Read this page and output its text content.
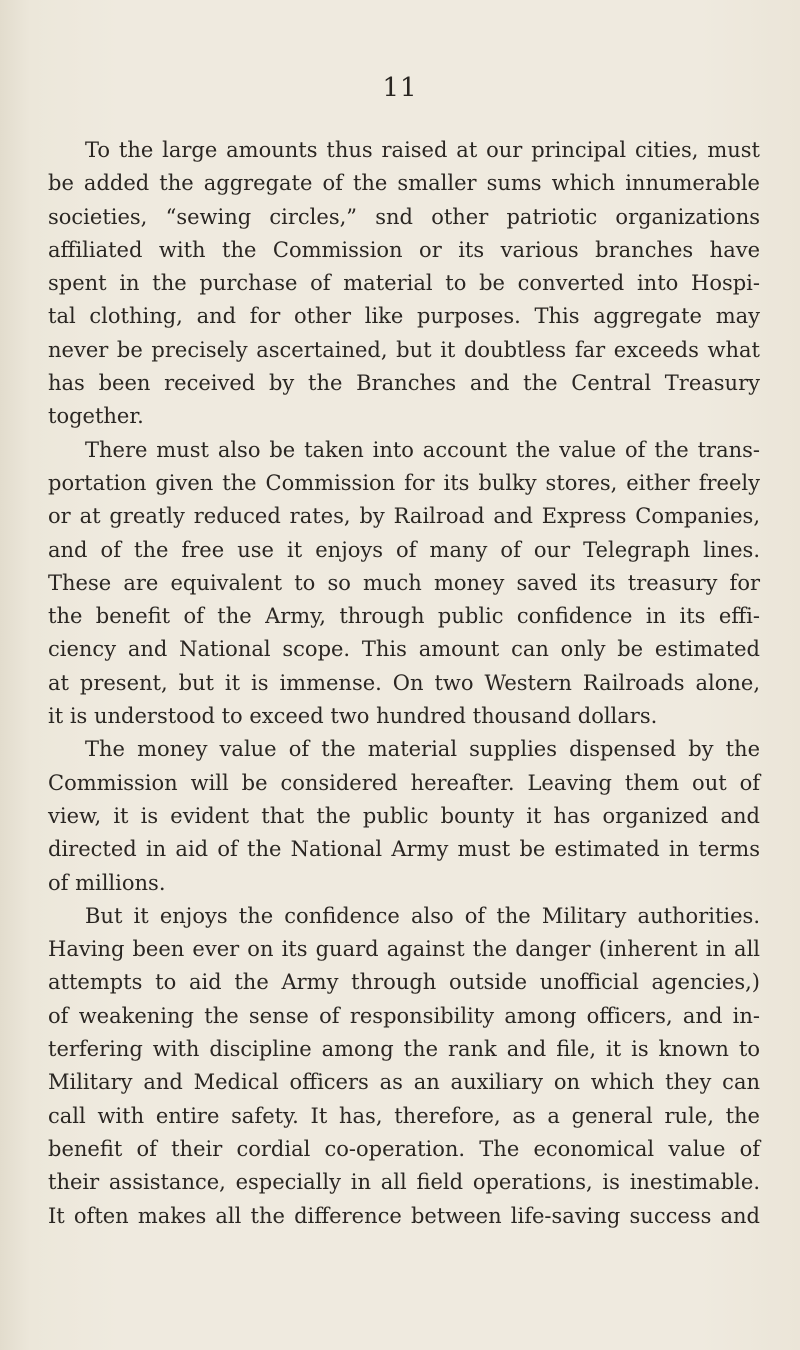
11
To the large amounts thus raised at our principal cities, must
be added the aggregate of the smaller sums which innumerable
societies, “sewing circles,” snd other patriotic organizations
affiliated with the Commission or its various branches have
spent in the purchase of material to be converted into Hospi-
tal clothing, and for other like purposes. This aggregate may
never be precisely ascertained, but it doubtless far exceeds what
has been received by the Branches and the Central Treasury
together.
There must also be taken into account the value of the trans-
portation given the Commission for its bulky stores, either freely
or at greatly reduced rates, by Railroad and Express Companies,
and of the free use it enjoys of many of our Telegraph lines.
These are equivalent to so much money saved its treasury for
the benefit of the Army, through public confidence in its effi-
ciency and National scope. This amount can only be estimated
at present, but it is immense. On two Western Railroads alone,
it is understood to exceed two hundred thousand dollars.
The money value of the material supplies dispensed by the
Commission will be considered hereafter. Leaving them out of
view, it is evident that the public bounty it has organized and
directed in aid of the National Army must be estimated in terms
of millions.
But it enjoys the confidence also of the Military authorities.
Having been ever on its guard against the danger (inherent in all
attempts to aid the Army through outside unofficial agencies,)
of weakening the sense of responsibility among officers, and in-
terfering with discipline among the rank and file, it is known to
Military and Medical officers as an auxiliary on which they can
call with entire safety. It has, therefore, as a general rule, the
benefit of their cordial co-operation. The economical value of
their assistance, especially in all field operations, is inestimable.
It often makes all the difference between life-saving success and
